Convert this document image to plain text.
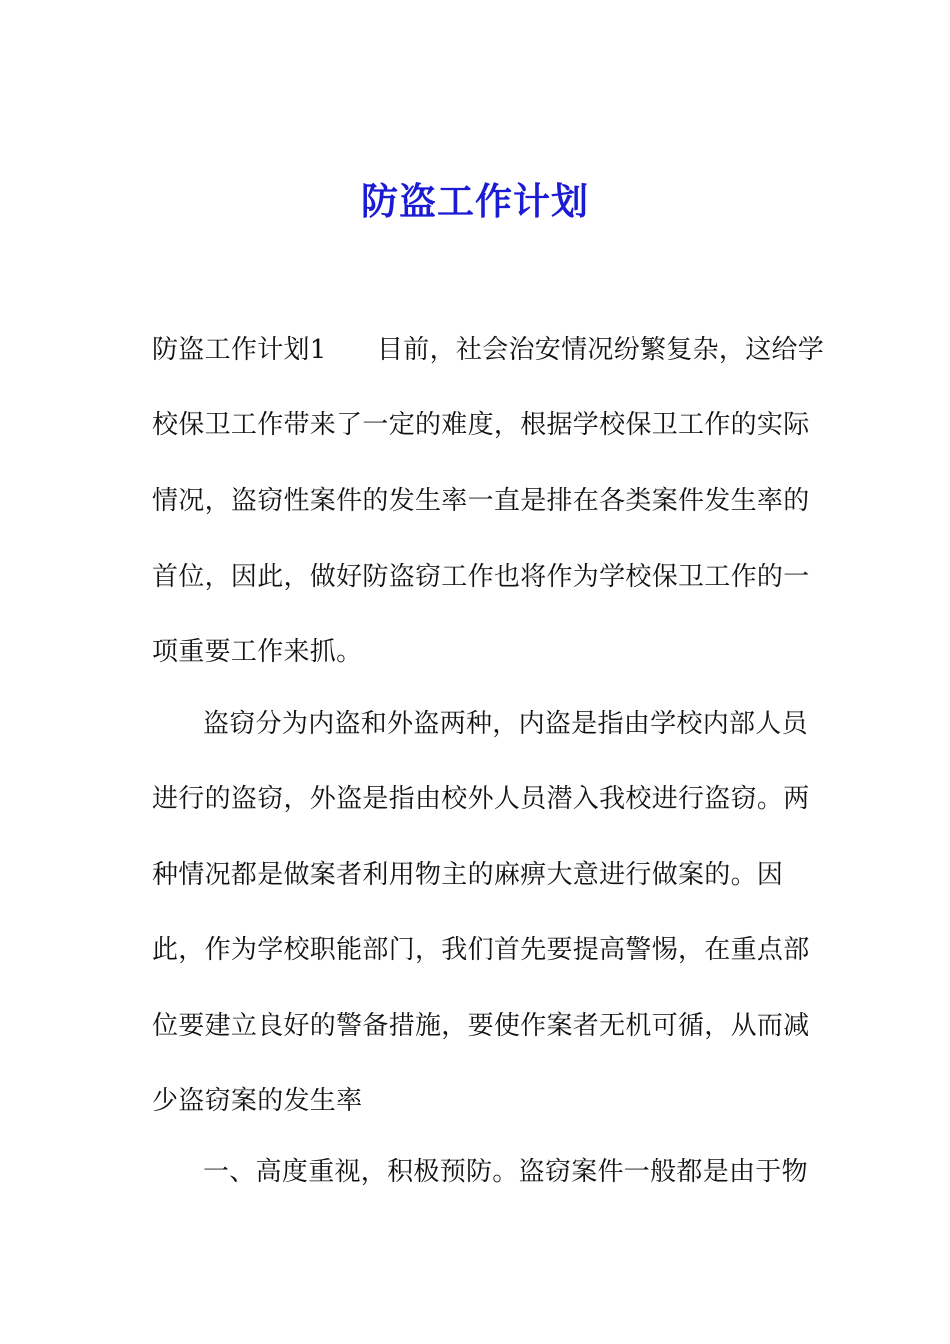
防盗工作计划
防盗工作计划1 目前，社会治安情况纷繁复杂，这给学
校保卫工作带来了一定的难度，根据学校保卫工作的实际
情况，盗窃性案件的发生率一直是排在各类案件发生率的
首位，因此，做好防盗窃工作也将作为学校保卫工作的一
项重要工作来抓。
盗窃分为内盗和外盗两种，内盗是指由学校内部人员
进行的盗窃，外盗是指由校外人员潜入我校进行盗窃。两
种情况都是做案者利用物主的麻痹大意进行做案的。因
此，作为学校职能部门，我们首先要提高警惕，在重点部
位要建立良好的警备措施，要使作案者无机可循，从而减
少盗窃案的发生率
一、高度重视，积极预防。盗窃案件一般都是由于物
